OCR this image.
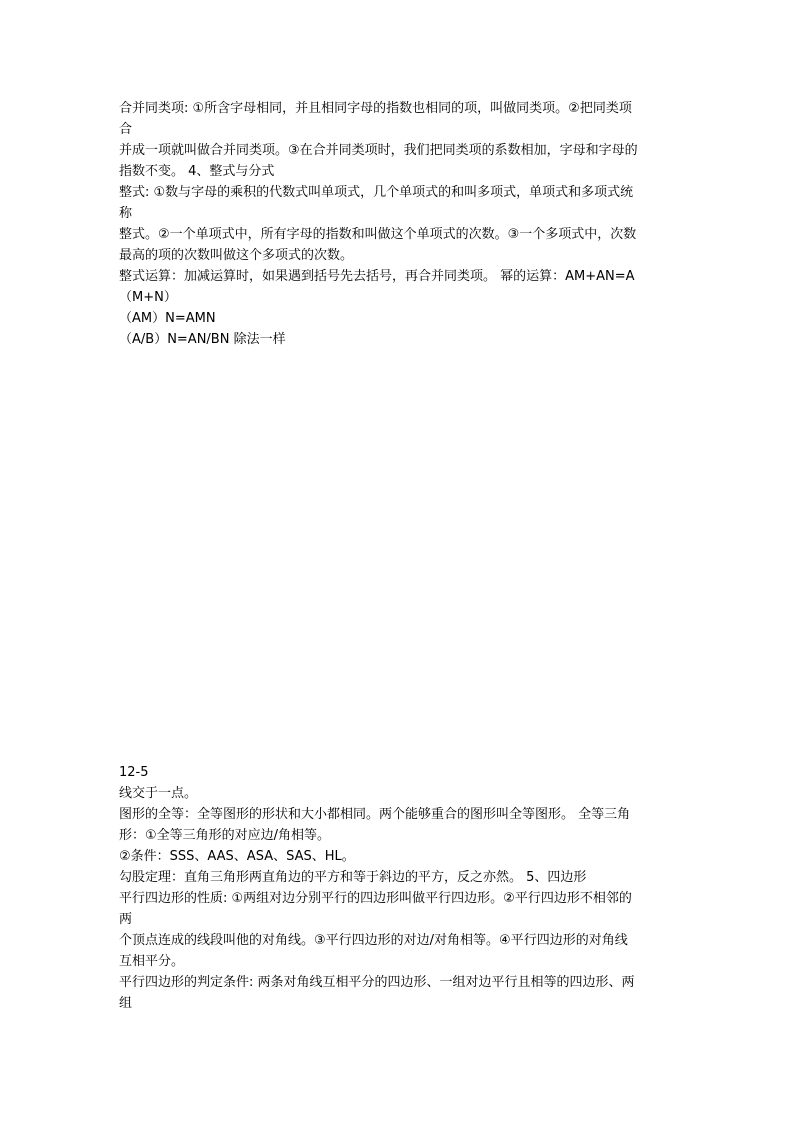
合并同类项: ①所含字母相同，并且相同字母的指数也相同的项，叫做同类项。②把同类项
合
并成一项就叫做合并同类项。③在合并同类项时，我们把同类项的系数相加，字母和字母的
指数不变。 4、整式与分式
整式: ①数与字母的乘积的代数式叫单项式，几个单项式的和叫多项式，单项式和多项式统
称
整式。②一个单项式中，所有字母的指数和叫做这个单项式的次数。③一个多项式中，次数
最高的项的次数叫做这个多项式的次数。
整式运算：加减运算时，如果遇到括号先去括号，再合并同类项。 幂的运算：AM+AN=A
（M+N）
（AM）N=AMN
（A/B）N=AN/BN 除法一样
12-5
线交于一点。
图形的全等：全等图形的形状和大小都相同。两个能够重合的图形叫全等图形。 全等三角
形：①全等三角形的对应边/角相等。
②条件：SSS、AAS、ASA、SAS、HL。
勾股定理：直角三角形两直角边的平方和等于斜边的平方，反之亦然。 5、四边形
平行四边形的性质: ①两组对边分别平行的四边形叫做平行四边形。②平行四边形不相邻的
两
个顶点连成的线段叫他的对角线。③平行四边形的对边/对角相等。④平行四边形的对角线
互相平分。
平行四边形的判定条件: 两条对角线互相平分的四边形、一组对边平行且相等的四边形、两
组
